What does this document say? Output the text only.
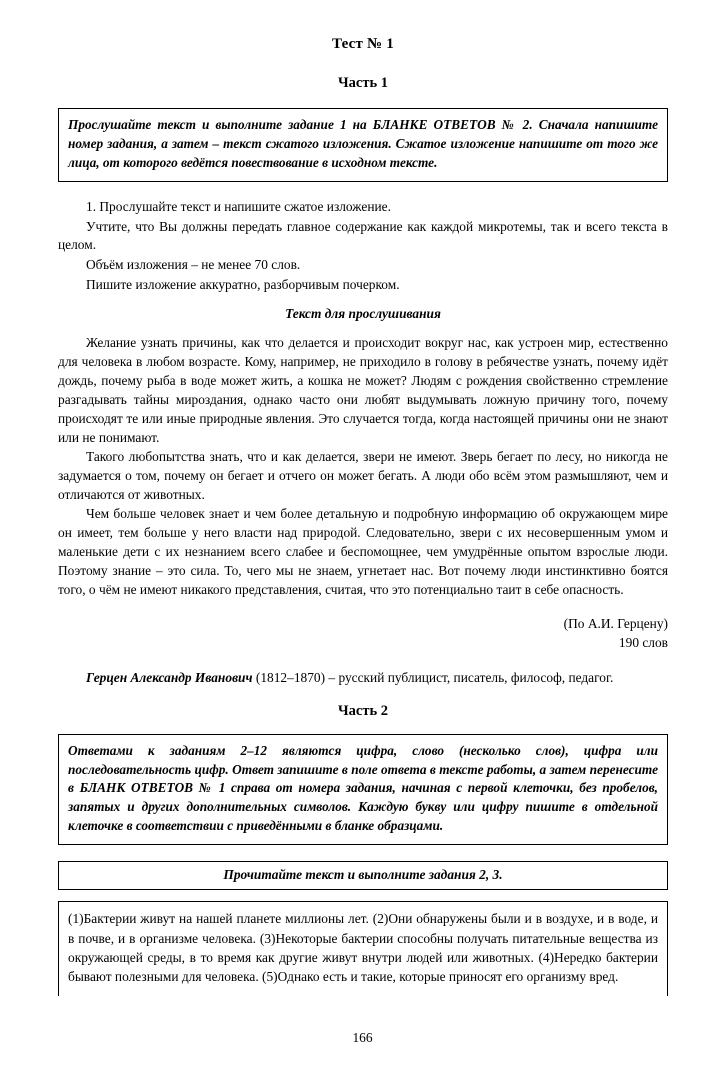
Тест № 1
Часть 1
Прослушайте текст и выполните задание 1 на БЛАНКЕ ОТВЕТОВ № 2. Сначала напишите номер задания, а затем – текст сжатого изложения. Сжатое изложение напишите от того же лица, от которого ведётся повествование в исходном тексте.
1. Прослушайте текст и напишите сжатое изложение.
Учтите, что Вы должны передать главное содержание как каждой микротемы, так и всего текста в целом.
Объём изложения – не менее 70 слов.
Пишите изложение аккуратно, разборчивым почерком.
Текст для прослушивания

Желание узнать причины, как что делается и происходит вокруг нас, как устроен мир, естественно для человека в любом возрасте. Кому, например, не приходило в голову в ребячестве узнать, почему идёт дождь, почему рыба в воде может жить, а кошка не может? Людям с рождения свойственно стремление разгадывать тайны мироздания, однако часто они любят выдумывать ложную причину того, почему происходят те или иные природные явления. Это случается тогда, когда настоящей причины они не знают или не понимают.

Такого любопытства знать, что и как делается, звери не имеют. Зверь бегает по лесу, но никогда не задумается о том, почему он бегает и отчего он может бегать. А люди обо всём этом размышляют, чем и отличаются от животных.

Чем больше человек знает и чем более детальную и подробную информацию об окружающем мире он имеет, тем больше у него власти над природой. Следовательно, звери с их несовершенным умом и маленькие дети с их незнанием всего слабее и беспомощнее, чем умудрённые опытом взрослые люди. Поэтому знание – это сила. То, чего мы не знаем, угнетает нас. Вот почему люди инстинктивно боятся того, о чём не имеют никакого представления, считая, что это потенциально таит в себе опасность.

(По А.И. Герцену)
190 слов
Герцен Александр Иванович (1812–1870) – русский публицист, писатель, философ, педагог.
Часть 2
Ответами к заданиям 2–12 являются цифра, слово (несколько слов), цифра или последовательность цифр. Ответ запишите в поле ответа в тексте работы, а затем перенесите в БЛАНК ОТВЕТОВ № 1 справа от номера задания, начиная с первой клеточки, без пробелов, запятых и других дополнительных символов. Каждую букву или цифру пишите в отдельной клеточке в соответствии с приведёнными в бланке образцами.
Прочитайте текст и выполните задания 2, 3.
(1)Бактерии живут на нашей планете миллионы лет. (2)Они обнаружены были и в воздухе, и в воде, и в почве, и в организме человека. (3)Некоторые бактерии способны получать питательные вещества из окружающей среды, в то время как другие живут внутри людей или животных. (4)Нередко бактерии бывают полезными для человека. (5)Однако есть и такие, которые приносят его организму вред.
166
